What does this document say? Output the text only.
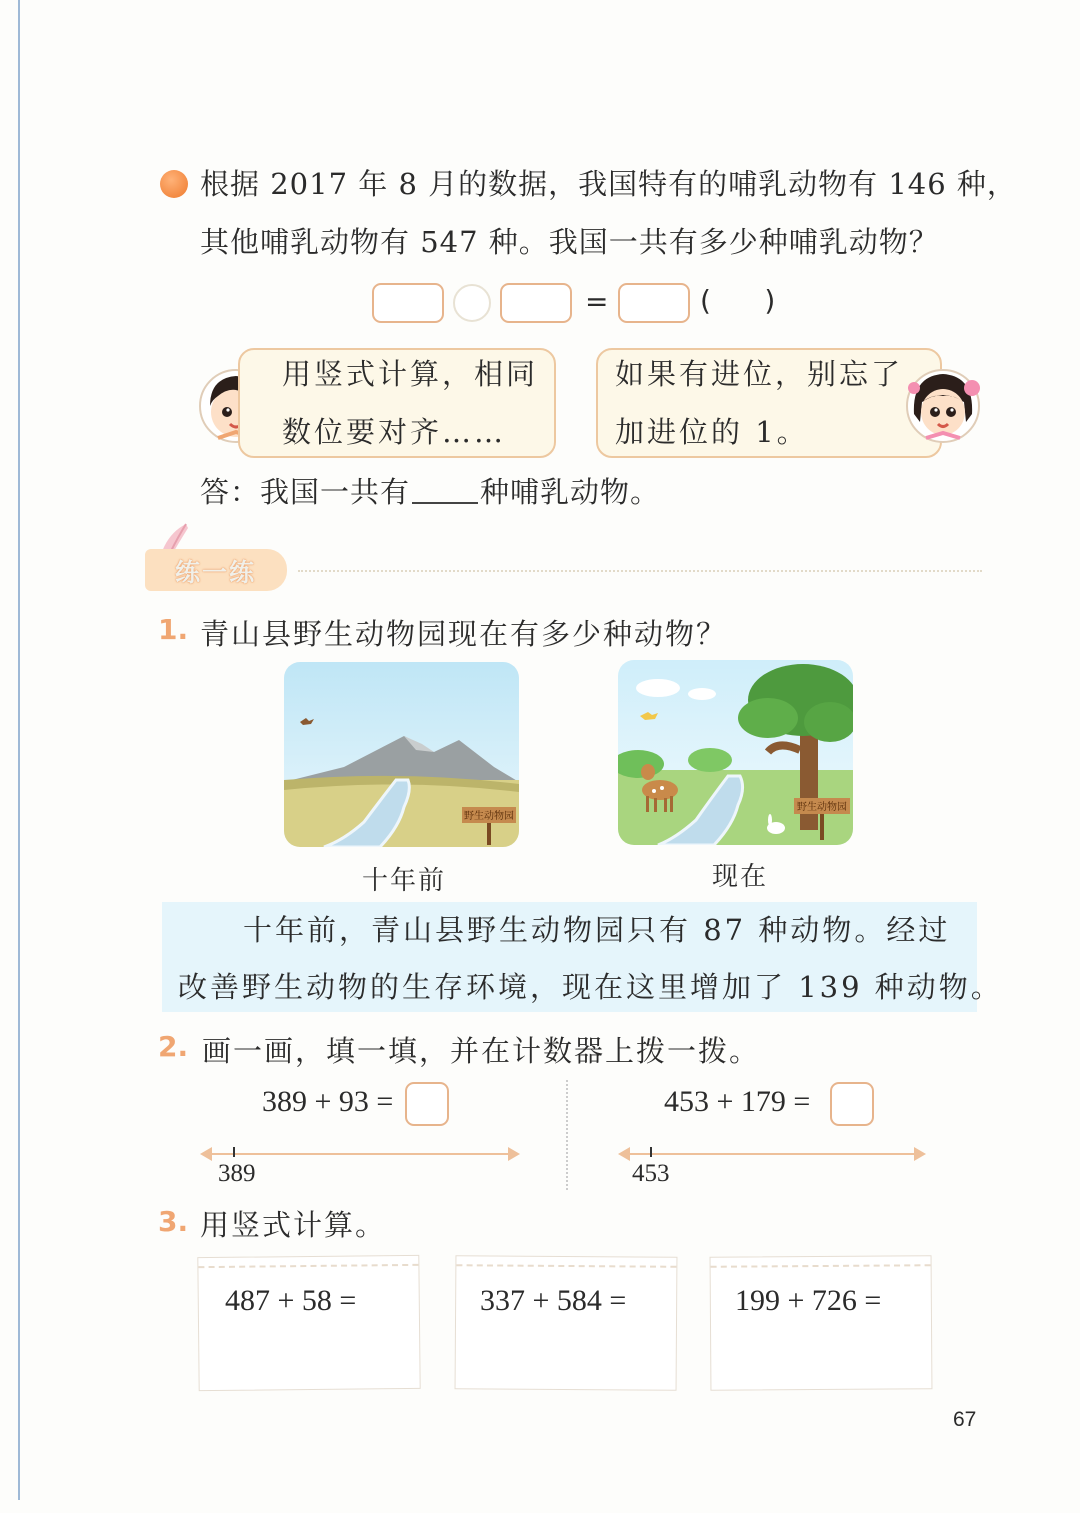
根据 2017 年 8 月的数据，我国特有的哺乳动物有 146 种，
其他哺乳动物有 547 种。我国一共有多少种哺乳动物？
=	(      )
用竖式计算，相同
数位要对齐……
如果有进位，别忘了
加进位的 1。
答：我国一共有 种哺乳动物。
练一练
1. 青山县野生动物园现在有多少种动物？
野生动物园
十年前
野生动物园
现在
十年前，青山县野生动物园只有 87 种动物。经过
改善野生动物的生存环境，现在这里增加了 139 种动物。
2. 画一画，填一填，并在计数器上拨一拨。
389 + 93 =
389
453 + 179 =
453
3. 用竖式计算。
487 + 58 =	337 + 584 =	199 + 726 =
67
